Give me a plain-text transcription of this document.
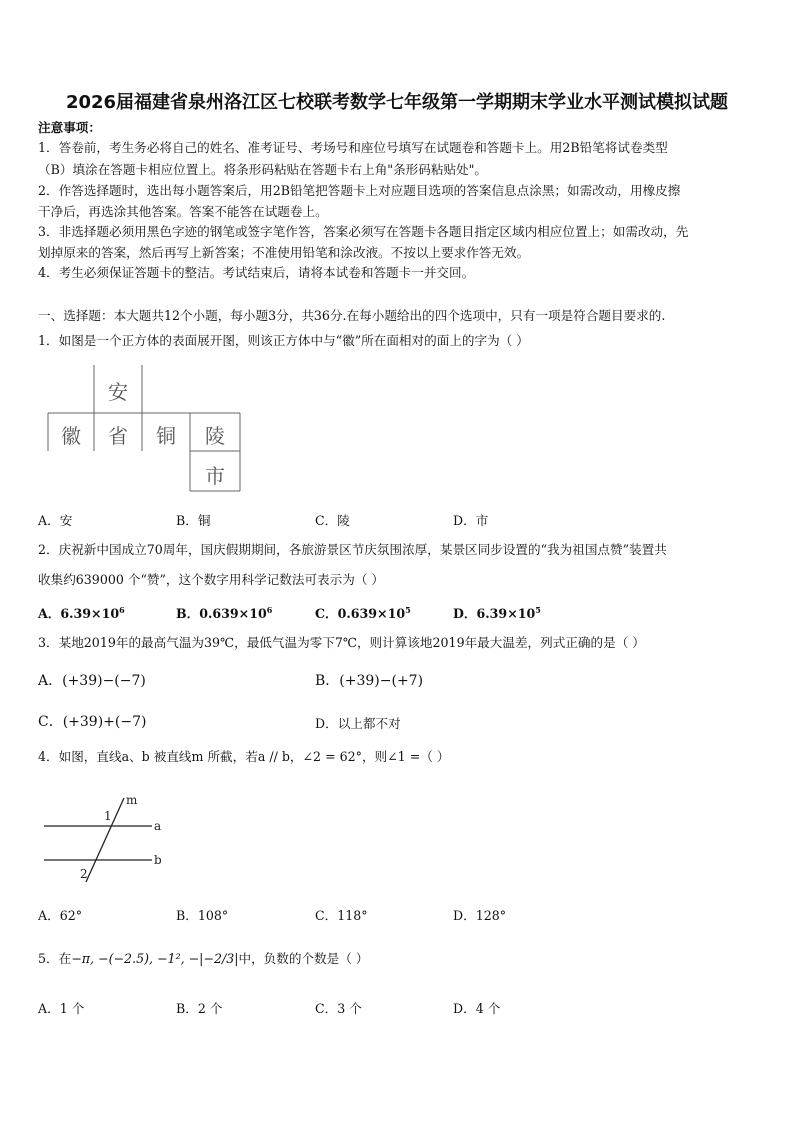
2026届福建省泉州洛江区七校联考数学七年级第一学期期末学业水平测试模拟试题
注意事项：
1．答卷前，考生务必将自己的姓名、准考证号、考场号和座位号填写在试题卷和答题卡上。用2B铅笔将试卷类型
（B）填涂在答题卡相应位置上。将条形码粘贴在答题卡右上角"条形码粘贴处"。
2．作答选择题时，选出每小题答案后，用2B铅笔把答题卡上对应题目选项的答案信息点涂黑；如需改动，用橡皮擦
干净后，再选涂其他答案。答案不能答在试题卷上。
3．非选择题必须用黑色字迹的钢笔或签字笔作答，答案必须写在答题卡各题目指定区域内相应位置上；如需改动，先
划掉原来的答案，然后再写上新答案；不准使用铅笔和涂改液。不按以上要求作答无效。
4．考生必须保证答题卡的整洁。考试结束后，请将本试卷和答题卡一并交回。
一、选择题：本大题共12个小题，每小题3分，共36分.在每小题给出的四个选项中，只有一项是符合题目要求的.
1．如图是一个正方体的表面展开图，则该正方体中与“徽”所在面相对的面上的字为（ ）
安
徽 省 铜 陵
市
A．安	B．铜	C．陵	D．市
2．庆祝新中国成立70周年，国庆假期期间，各旅游景区节庆氛围浓厚，某景区同步设置的“我为祖国点赞”装置共
收集约639000 个“赞”，这个数字用科学记数法可表示为（ ）
A．$6.39\times 10^6$	B．$0.639\times 10^6$	C．$0.639\times 10^5$	D．$6.39\times 10^5$
3．某地2019年的最高气温为39℃，最低气温为零下7℃，则计算该地2019年最大温差，列式正确的是（ ）
A．(+39)−(−7)	B．(+39)−(+7)
C．(+39)+(−7)	D．以上都不对
4．如图，直线a、b 被直线m 所截，若a // b，∠2 = 62°，则∠1 =（ ）
m
a
b
1
2
A．62°	B．108°	C．118°	D．128°
5．在−π, −(−2.5), −1², −|−2/3|中，负数的个数是（ ）
A．1 个	B．2 个	C．3 个	D．4 个
